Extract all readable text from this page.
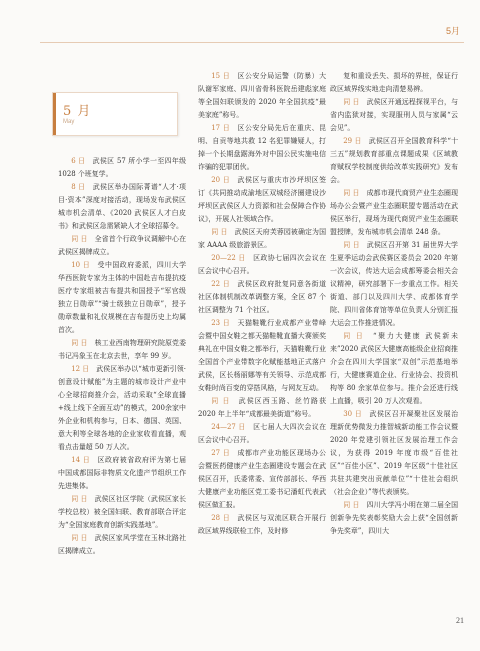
5月
5 月
May

6 日　 武侯区 57 所小学一至四年级 1028 个班复学。

8 日　 武侯区举办国际菁谱“人才·项目·资本”深度对接活动，现场发布武侯区城市机会清单、《2020 武侯区人才白皮书》和武侯区急需紧缺人才全球招募令。

同 日　 全省首个行政争议调解中心在武侯区揭牌成立。

10 日　 受中国政府委派，四川大学华西医院专家为主体的中国赴吉布提抗疫医疗专家组被吉布提共和国授予“军官级独立日勋章”“骑士级独立日勋章”，授予勋章数量和礼仪规模在吉布提历史上均属首次。

同 日　 核工业西南物理研究院原党委书记冯象玉在北京去世，享年 99 岁。

12 日　 武侯区举办以“城市更新引领·创意设计赋能”为主题的城市设计产业中心全球招商推介会，活动采取“全球直播+线上线下全面互动”的模式，200余家中外企业和机构参与，日本、德国、英国、意大利等全球各地的企业家收看直播，观看点击量超 50 万人次。

14 日　 区政府被省政府评为第七届中国成都国际非物质文化遗产节组织工作先进集体。

同 日　 武侯区社区学院（武侯区家长学校总校）被全国妇联、教育部联合评定为“全国家庭教育创新实践基地”。

同 日　 武侯区家风学堂在玉林北路社区揭牌成立。

15 日　 区公安分局运警（防暴）大队谢军家庭、四川省骨科医院岳建彪家庭等全国妇联颁发的 2020 年全国抗疫“最美家庭”称号。

17 日　 区公安分局先后在重庆、昆明、自贡等地共救 12 名犯罪嫌疑人，打掉一个长期盘踞海外对中国公民实施电信诈骗的犯罪团伙。

20 日　 武侯区与重庆市沙坪坝区签订《共同推动成渝地区双城经济圈建设沙坪坝区武侯区人力资源和社会保障合作协议》，开展人社领域合作。

同 日　 武侯区天府芙蓉园被确定为国家 AAAA 级旅游景区。

20—22 日　 区政协七届四次会议在区会议中心召开。

22 日　 武侯区政府批复同意各街道社区体制机制改革调整方案，全区 87 个社区调整为 71 个社区。

23 日　 天猫鞋靴行业成都产业带峰会暨中国女鞋之都天猫鞋靴直播大赛颁奖典礼在中国女鞋之都举行，天猫鞋靴行业全国首个产业带数字化赋能基地正式落户武侯，区长杨丽娜等有关领导、示范成都女鞋时尚百变的穿搭风格，与网友互动。

同 日　 武侯区西玉路、丝竹路获 2020 年上半年“成都最美街道”称号。

24—27 日　 区七届人大四次会议在区会议中心召开。

27 日　 成都市产业功能区现场办公会暨医药健康产业生态圈建设专题会在武侯区召开，氏委常委、宣传部部长、华西大健康产业功能区党工委书记潘虹代表武侯区做汇报。

28 日　 武侯区与双流区联合开展行政区域界线联检工作，及时修

复和重设丢失、损坏的界桩，保证行政区域界线实地走向清楚易辨。

同 日　 武侯区开通远程探视平台，与省内监狱对接，实现服刑人员与家属“云会见”。

29 日　 武侯区召开全国教育科学“十三五”规划教育部重点课题成果《区域教育赋权学校制度供给改革实践研究》发布会。

同 日　 成都市现代商贸产业生态圈现场办公会暨产业生态圈联盟专题活动在武侯区举行，现场为现代商贸产业生态圈联盟授牌，发布城市机会清单 248 条。

同 日　 武侯区召开第 31 届世界大学生夏季运动会武侯赛区委员会 2020 年第一次会议，传达大运会成都筹委会相关会议精神，研究部署下一步重点工作。相关街道、部门以及四川大学、成都体育学院、四川省体育馆等单位负责人分别汇报大运会工作推进情况。

同 日　 “聚力大健康 武侯新未来”2020 武侯区大健康高能级企业招商推介会在四川大学国家“双创”示范基地举行，大健康赛道企业、行业协会、投资机构等 80 余家单位参与。推介会还进行线上直播，吸引 20 万人次观看。

30 日　 武侯区召开凝聚社区发展治理新优势微发力推智城新动能工作会议暨 2020 年党建引领社区发展治理工作会议，为获得 2019 年度市级“百佳社区”“百佳小区”、2019 年区级“十佳社区共驻共建突出贡献单位”“十佳社会组织（社会企业）”等代表颁奖。

同 日　 四川大学冯小明在第二届全国创新争先奖表彰奖励大会上获“全国创新争先奖章”，四川大

21
